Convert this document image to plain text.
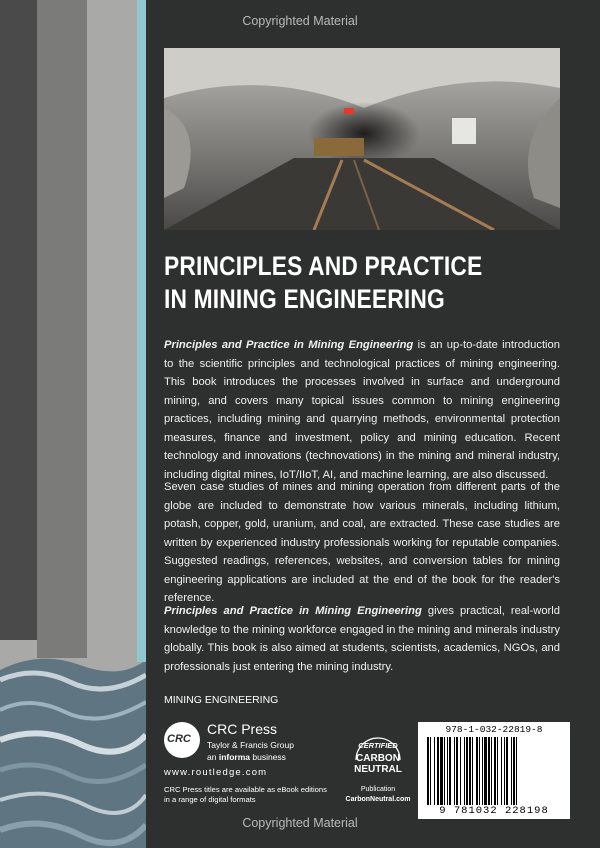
Copyrighted Material
PRINCIPLES AND PRACTICE
IN MINING ENGINEERING
Principles and Practice in Mining Engineering is an up-to-date introduction to the scientific principles and technological practices of mining engineering. This book introduces the processes involved in surface and underground mining, and covers many topical issues common to mining engineering practices, including mining and quarrying methods, environmental protection measures, finance and investment, policy and mining education. Recent technology and innovations (technovations) in the mining and mineral industry, including digital mines, IoT/IIoT, AI, and machine learning, are also discussed.
Seven case studies of mines and mining operation from different parts of the globe are included to demonstrate how various minerals, including lithium, potash, copper, gold, uranium, and coal, are extracted. These case studies are written by experienced industry professionals working for reputable companies. Suggested readings, references, websites, and conversion tables for mining engineering applications are included at the end of the book for the reader's reference.
Principles and Practice in Mining Engineering gives practical, real-world knowledge to the mining workforce engaged in the mining and minerals industry globally. This book is also aimed at students, scientists, academics, NGOs, and professionals just entering the mining industry.
MINING ENGINEERING
CRC
CRC Press
Taylor & Francis Group
an informa business
www.routledge.com
CRC Press titles are available as eBook editions
in a range of digital formats
CERTIFIED
CARBON
NEUTRAL
Publication
CarbonNeutral.com
978-1-032-22819-8
9 781032 228198
Copyrighted Material
